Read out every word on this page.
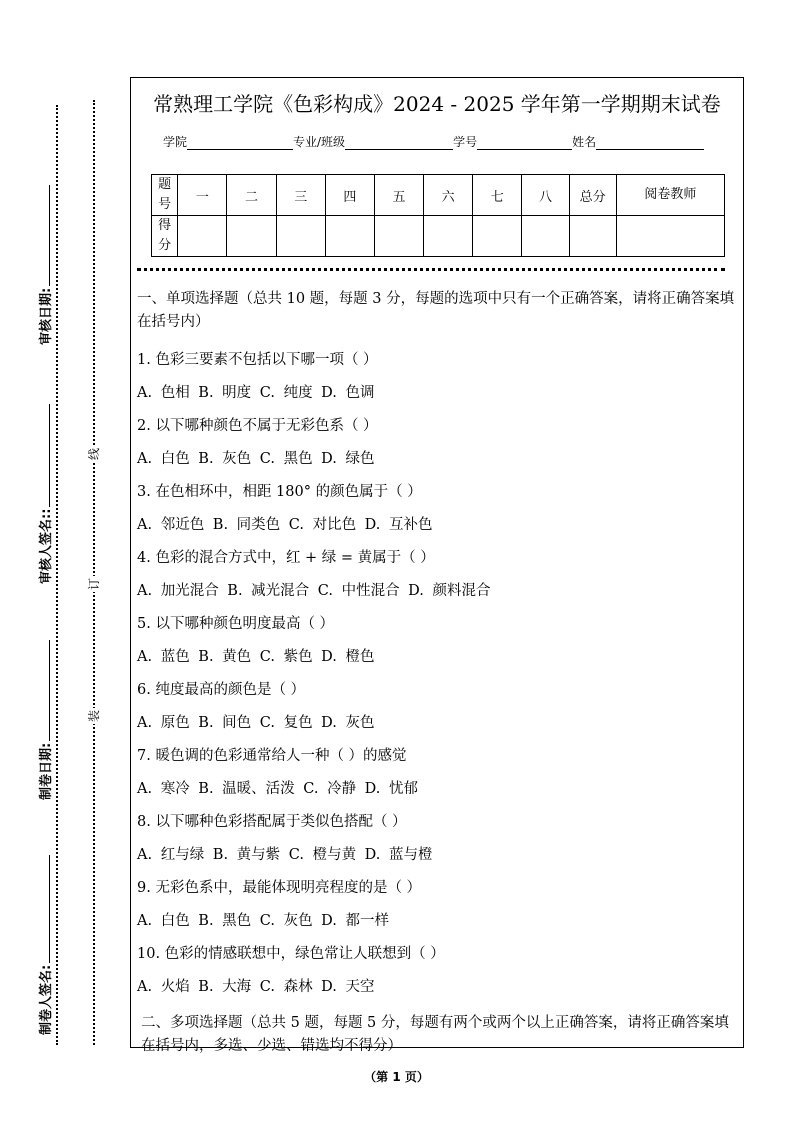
审核日期:
审核人签名::
制卷日期:
制卷人签名:
线
订
装
常熟理工学院《色彩构成》2024 - 2025 学年第一学期期末试卷
学院	专业/班级	学号	姓名
题号	一	二	三	四	五	六	七	八	总分	阅卷教师
得分										
一、单项选择题（总共 10 题，每题 3 分，每题的选项中只有一个正确答案，请将正确答案填在括号内）
1. 色彩三要素不包括以下哪一项（ ）
A. 色相 B. 明度 C. 纯度 D. 色调
2. 以下哪种颜色不属于无彩色系（ ）
A. 白色 B. 灰色 C. 黑色 D. 绿色
3. 在色相环中，相距 180° 的颜色属于（ ）
A. 邻近色 B. 同类色 C. 对比色 D. 互补色
4. 色彩的混合方式中，红 + 绿 = 黄属于（ ）
A. 加光混合 B. 减光混合 C. 中性混合 D. 颜料混合
5. 以下哪种颜色明度最高（ ）
A. 蓝色 B. 黄色 C. 紫色 D. 橙色
6. 纯度最高的颜色是（ ）
A. 原色 B. 间色 C. 复色 D. 灰色
7. 暖色调的色彩通常给人一种（ ）的感觉
A. 寒冷 B. 温暖、活泼 C. 冷静 D. 忧郁
8. 以下哪种色彩搭配属于类似色搭配（ ）
A. 红与绿 B. 黄与紫 C. 橙与黄 D. 蓝与橙
9. 无彩色系中，最能体现明亮程度的是（ ）
A. 白色 B. 黑色 C. 灰色 D. 都一样
10. 色彩的情感联想中，绿色常让人联想到（ ）
A. 火焰 B. 大海 C. 森林 D. 天空
二、多项选择题（总共 5 题，每题 5 分，每题有两个或两个以上正确答案，请将正确答案填在括号内，多选、少选、错选均不得分）
（第 1 页）
